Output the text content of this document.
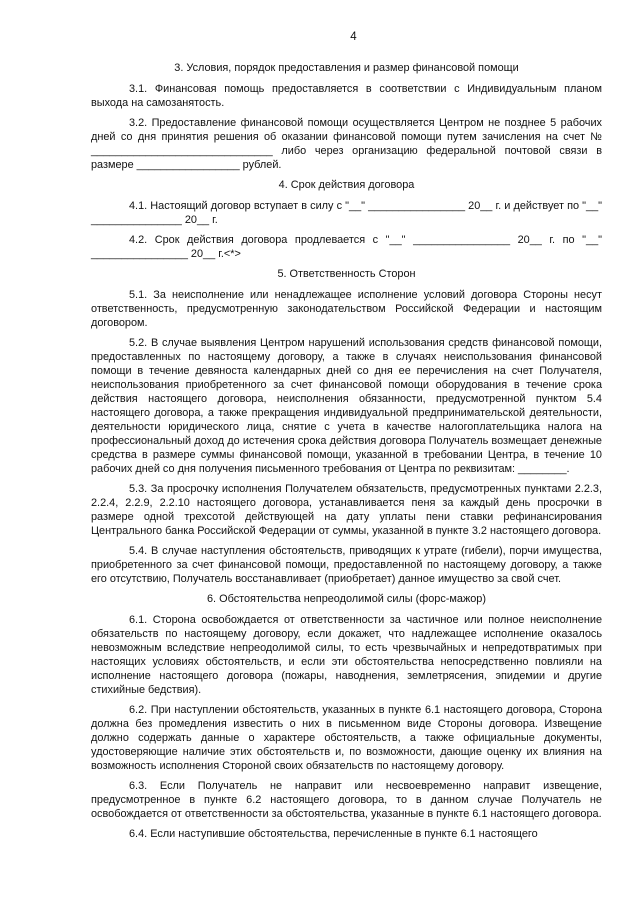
4
3. Условия, порядок предоставления и размер финансовой помощи

3.1. Финансовая помощь предоставляется в соответствии с Индивидуальным планом выхода на самозанятость.

3.2. Предоставление финансовой помощи осуществляется Центром не позднее 5 рабочих дней со дня принятия решения об оказании финансовой помощи путем зачисления на счет № ______________________________ либо через организацию федеральной почтовой связи в размере _________________ рублей.

4. Срок действия договора

4.1. Настоящий договор вступает в силу с "__" ________________ 20__ г. и действует по "__" _______________ 20__ г.

4.2. Срок действия договора продлевается с "__" ________________ 20__ г. по "__" ________________ 20__ г.<*>

5. Ответственность Сторон

5.1. За неисполнение или ненадлежащее исполнение условий договора Стороны несут ответственность, предусмотренную законодательством Российской Федерации и настоящим договором.

5.2. В случае выявления Центром нарушений использования средств финансовой помощи, предоставленных по настоящему договору, а также в случаях неиспользования финансовой помощи в течение девяноста календарных дней со дня ее перечисления на счет Получателя, неиспользования приобретенного за счет финансовой помощи оборудования в течение срока действия настоящего договора, неисполнения обязанности, предусмотренной пунктом 5.4 настоящего договора, а также прекращения индивидуальной предпринимательской деятельности, деятельности юридического лица, снятие с учета в качестве налогоплательщика налога на профессиональный доход до истечения срока действия договора Получатель возмещает денежные средства в размере суммы финансовой помощи, указанной в требовании Центра, в течение 10 рабочих дней со дня получения письменного требования от Центра по реквизитам: ________.

5.3. За просрочку исполнения Получателем обязательств, предусмотренных пунктами 2.2.3, 2.2.4, 2.2.9, 2.2.10 настоящего договора, устанавливается пеня за каждый день просрочки в размере одной трехсотой действующей на дату уплаты пени ставки рефинансирования Центрального банка Российской Федерации от суммы, указанной в пункте 3.2 настоящего договора.

5.4. В случае наступления обстоятельств, приводящих к утрате (гибели), порчи имущества, приобретенного за счет финансовой помощи, предоставленной по настоящему договору, а также его отсутствию, Получатель восстанавливает (приобретает) данное имущество за свой счет.

6. Обстоятельства непреодолимой силы (форс-мажор)

6.1. Сторона освобождается от ответственности за частичное или полное неисполнение обязательств по настоящему договору, если докажет, что надлежащее исполнение оказалось невозможным вследствие непреодолимой силы, то есть чрезвычайных и непредотвратимых при настоящих условиях обстоятельств, и если эти обстоятельства непосредственно повлияли на исполнение настоящего договора (пожары, наводнения, землетрясения, эпидемии и другие стихийные бедствия).

6.2. При наступлении обстоятельств, указанных в пункте 6.1 настоящего договора, Сторона должна без промедления известить о них в письменном виде Стороны договора. Извещение должно содержать данные о характере обстоятельств, а также официальные документы, удостоверяющие наличие этих обстоятельств и, по возможности, дающие оценку их влияния на возможность исполнения Стороной своих обязательств по настоящему договору.

6.3. Если Получатель не направит или несвоевременно направит извещение, предусмотренное в пункте 6.2 настоящего договора, то в данном случае Получатель не освобождается от ответственности за обстоятельства, указанные в пункте 6.1 настоящего договора.

6.4. Если наступившие обстоятельства, перечисленные в пункте 6.1 настоящего
